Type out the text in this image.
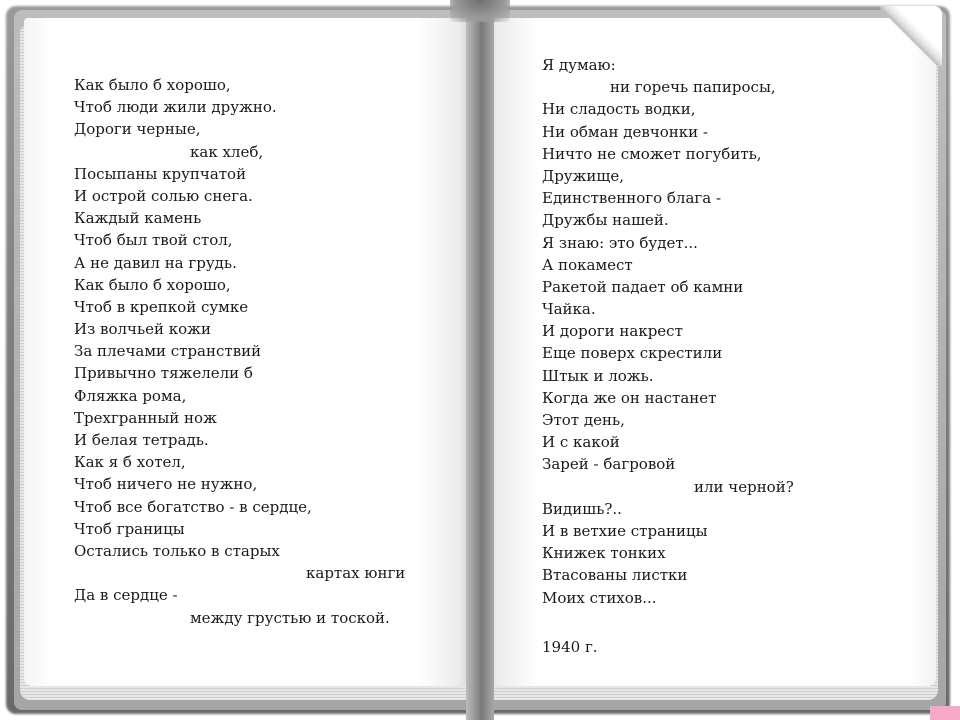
Как было б хорошо,
Чтоб люди жили дружно.
Дороги черные,
как хлеб,
Посыпаны крупчатой
И острой солью снега.
Каждый камень
Чтоб был твой стол,
А не давил на грудь.
Как было б хорошо,
Чтоб в крепкой сумке
Из волчьей кожи
За плечами странствий
Привычно тяжелели б
Фляжка рома,
Трехгранный нож
И белая тетрадь.
Как я б хотел,
Чтоб ничего не нужно,
Чтоб все богатство - в сердце,
Чтоб границы
Остались только в старых
картах юнги
Да в сердце -
между грустью и тоской.
Я думаю:
ни горечь папиросы,
Ни сладость водки,
Ни обман девчонки -
Ничто не сможет погубить,
Дружище,
Единственного блага -
Дружбы нашей.
Я знаю: это будет...
А покамест
Ракетой падает об камни
Чайка.
И дороги накрест
Еще поверх скрестили
Штык и ложь.
Когда же он настанет
Этот день,
И с какой
Зарей - багровой
или черной?
Видишь?..
И в ветхие страницы
Книжек тонких
Втасованы листки
Моих стихов...
1940 г.
